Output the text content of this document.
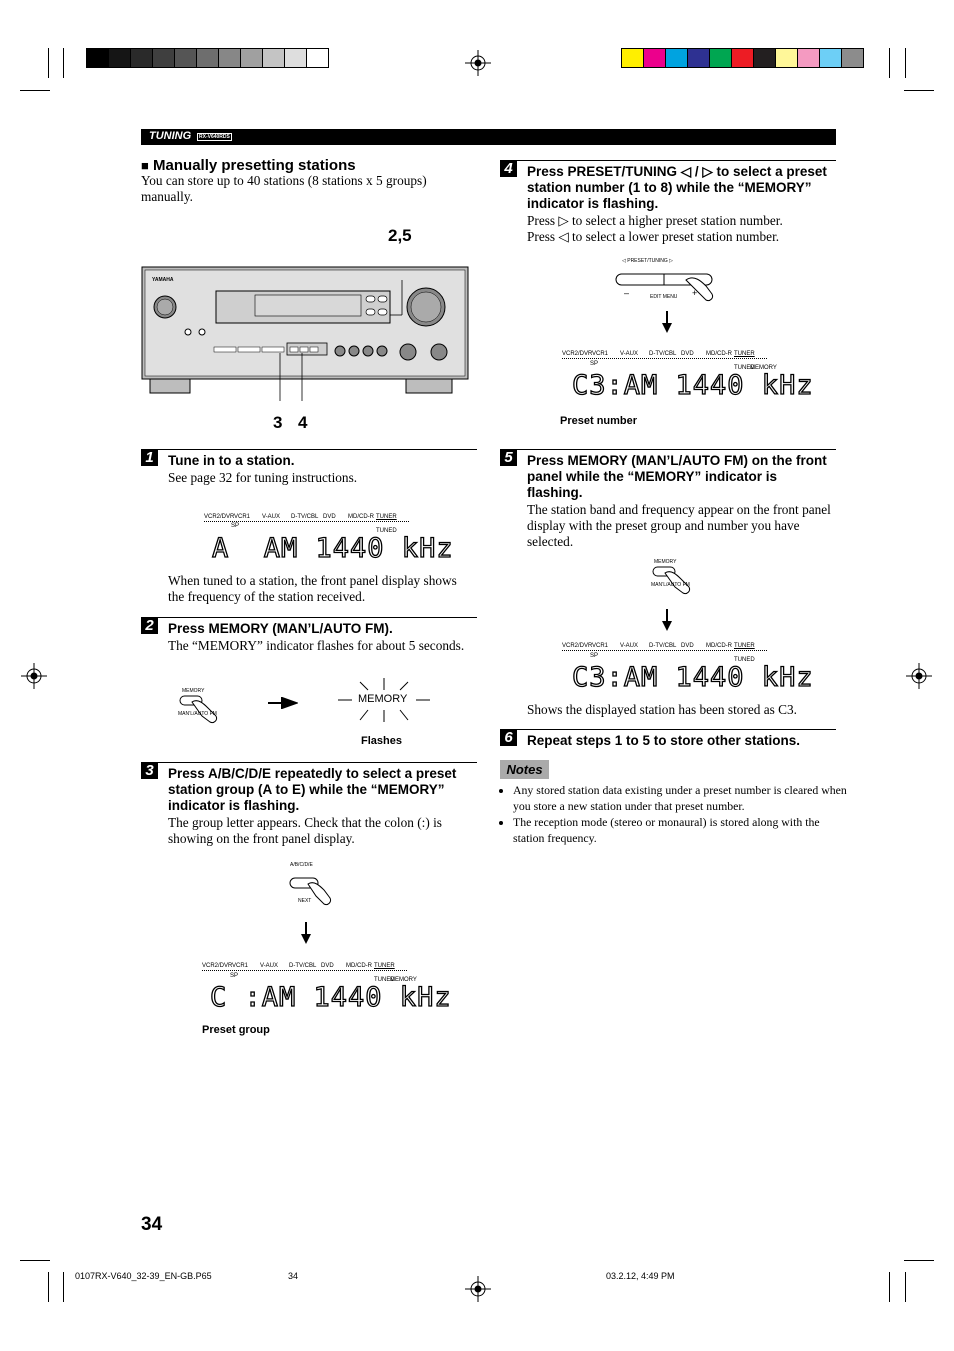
TUNING	RX-V640RDS
■ Manually presetting stations
You can store up to 40 stations (8 stations x 5 groups) manually.
YAMAHA
2,5
3 4
1	Tune in to a station.
See page 32 for tuning instructions.
VCR2/DVR VCR1 V-AUX D-TV/CBL DVD MD/CD-R TUNER
SP
TUNED
A  AM 1440 kHz
When tuned to a station, the front panel display shows the frequency of the station received.
2	Press MEMORY (MAN’L/AUTO FM).
The “MEMORY” indicator flashes for about 5 seconds.
MEMORY
MAN’L/AUTO FM
MEMORY
Flashes
3	Press A/B/C/D/E repeatedly to select a preset station group (A to E) while the “MEMORY” indicator is flashing.
The group letter appears. Check that the colon (:) is showing on the front panel display.
A/B/C/D/E
NEXT
VCR2/DVR VCR1 V-AUX D-TV/CBL DVD MD/CD-R TUNER
SP
TUNED
MEMORY
C :AM 1440 kHz
Preset group
4	Press PRESET/TUNING ◁ / ▷ to select a preset station number (1 to 8) while the “MEMORY” indicator is flashing.
Press ▷ to select a higher preset station number.
Press ◁ to select a lower preset station number.
◁ PRESET/TUNING ▷
–	+
EDIT MENU
VCR2/DVR VCR1 V-AUX D-TV/CBL DVD MD/CD-R TUNER
SP
TUNED
MEMORY
C3:AM 1440 kHz
Preset number
5	Press MEMORY (MAN’L/AUTO FM) on the front panel while the “MEMORY” indicator is flashing.
The station band and frequency appear on the front panel display with the preset group and number you have selected.
MEMORY
MAN’L/AUTO FM
VCR2/DVR VCR1 V-AUX D-TV/CBL DVD MD/CD-R TUNER
SP
TUNED
C3:AM 1440 kHz
Shows the displayed station has been stored as C3.
6	Repeat steps 1 to 5 to store other stations.
Notes
• Any stored station data existing under a preset number is cleared when you store a new station under that preset number.
• The reception mode (stereo or monaural) is stored along with the station frequency.
34
0107RX-V640_32-39_EN-GB.P65	34	03.2.12, 4:49 PM
